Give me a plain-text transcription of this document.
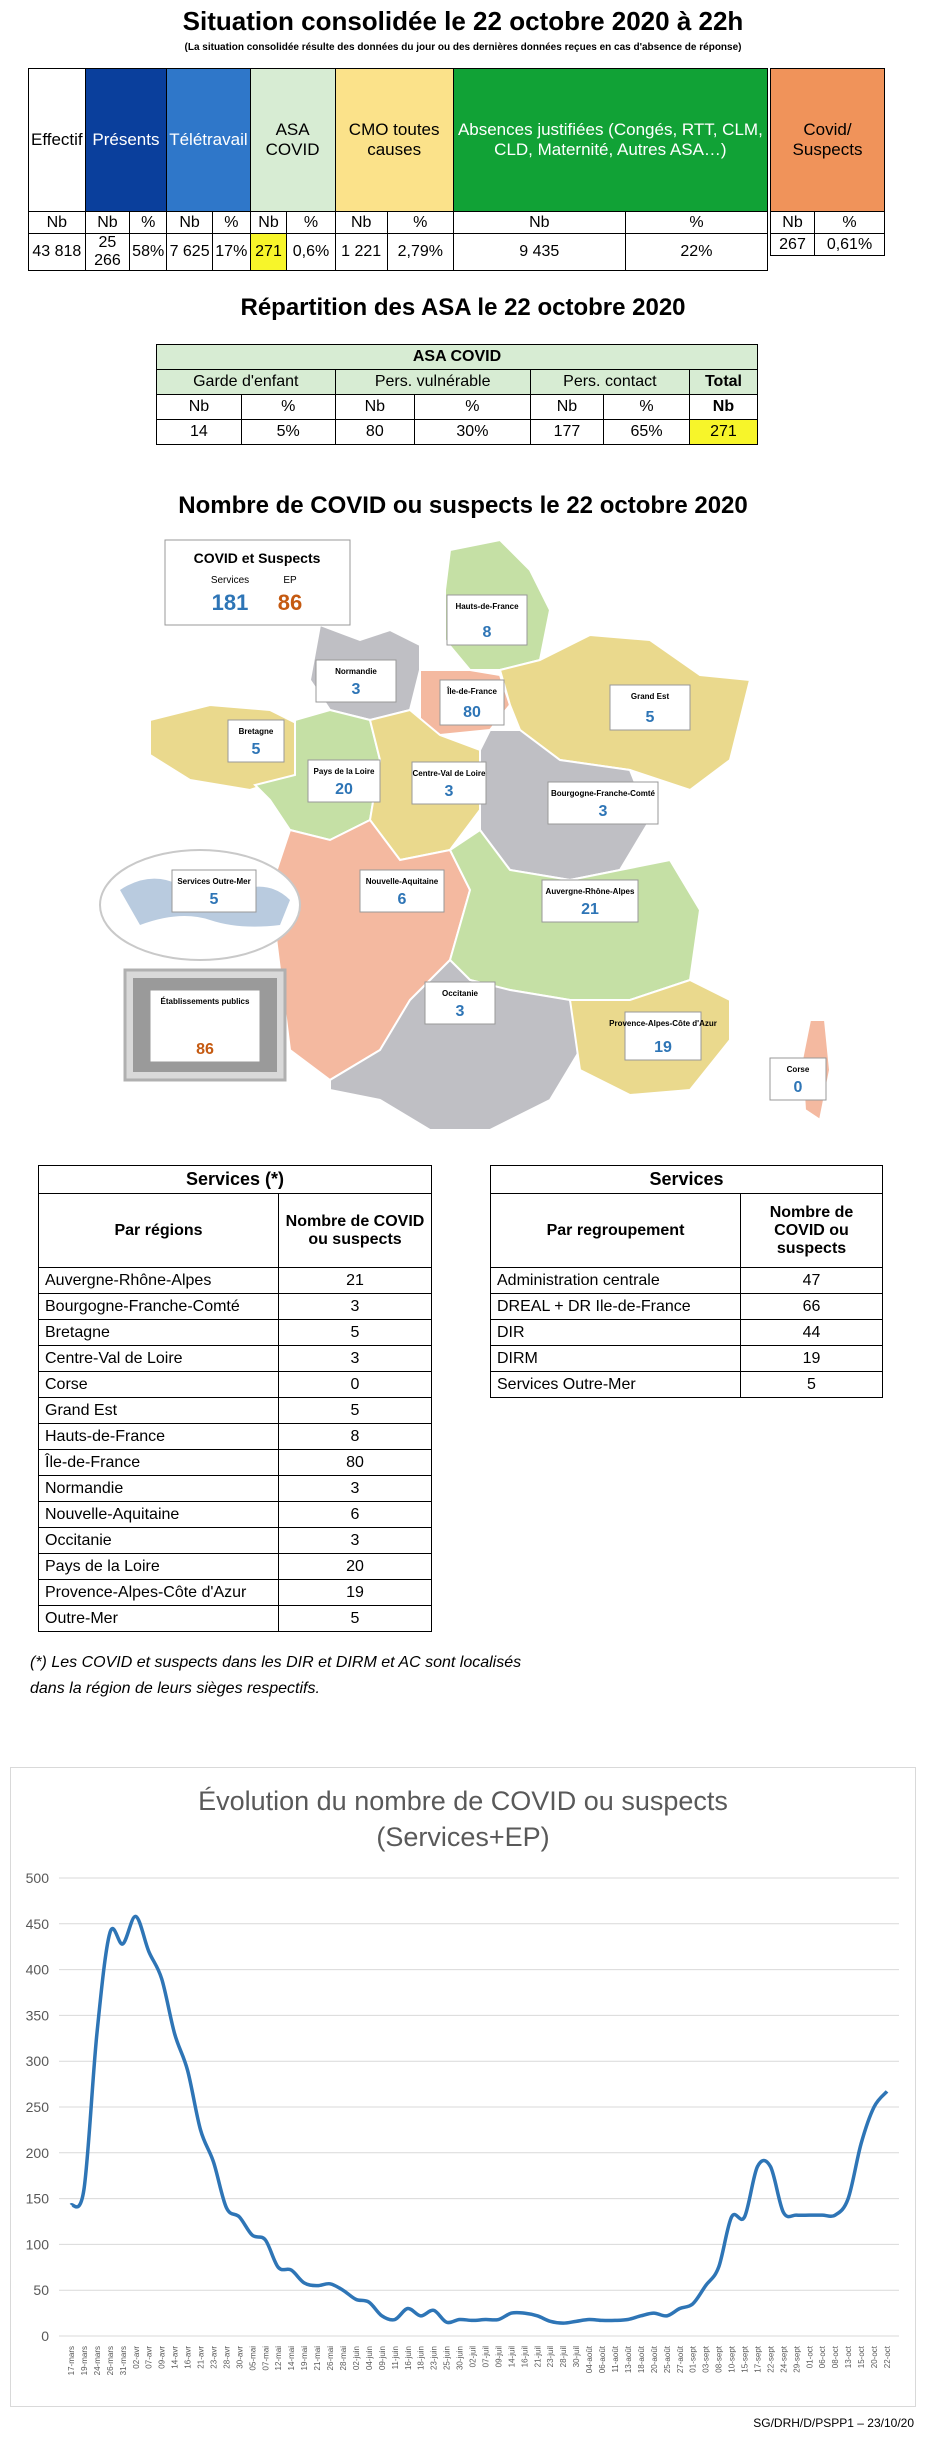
Situation consolidée le 22 octobre 2020 à 22h
(La situation consolidée résulte des données du jour ou des dernières données reçues en cas d'absence de réponse)
Effectif	Présents		Télétravail		ASA COVID		CMO toutes causes		Absences justifiées (Congés, RTT, CLM, CLD, Maternité, Autres ASA…)	
Nb	Nb	%	Nb	%	Nb	%	Nb	%	Nb	%
43 818	25 266	58%	7 625	17%	271	0,6%	1 221	2,79%	9 435	22%
Covid/ Suspects	
Nb	%
267	0,61%
Répartition des ASA le 22 octobre 2020
ASA COVID						
Garde d'enfant		Pers. vulnérable		Pers. contact		Total
Nb	%	Nb	%	Nb	%	Nb
14	5%	80	30%	177	65%	271
Nombre de COVID ou suspects le 22 octobre 2020
COVID et Suspects
Services	EP
181 86	Hauts-de-France
8
Normandie
3	Île-de-France
80
Grand Est
5
Bretagne
5
Pays de la Loire
20
Centre-Val de Loire
3	Bourgogne-Franche-Comté
3
Services Outre-Mer
5
Nouvelle-Aquitaine
6	Auvergne-Rhône-Alpes
21
Établissements publics
86
Occitanie
3
Provence-Alpes-Côte d'Azur
19
Corse
0
Services (*)	
Par régions	Nombre de COVID ou suspects
Auvergne-Rhône-Alpes	21
Bourgogne-Franche-Comté	3
Bretagne	5
Centre-Val de Loire	3
Corse	0
Grand Est	5
Hauts-de-France	8
Île-de-France	80
Normandie	3
Nouvelle-Aquitaine	6
Occitanie	3
Pays de la Loire	20
Provence-Alpes-Côte d'Azur	19
Outre-Mer	5
Services	
Par regroupement	Nombre de COVID ou suspects
Administration centrale	47
DREAL + DR Ile-de-France	66
DIR	44
DIRM	19
Services Outre-Mer	5
(*) Les COVID et suspects dans les DIR et DIRM et AC sont localisés dans la région de leurs sièges respectifs.
Évolution du nombre de COVID ou suspects (Services+EP)
0
50
100
150
200
250
300
350
400
450
500
17-mars 19-mars 24-mars 26-mars 31-mars 02-avr 07-avr 09-avr 14-avr 16-avr 21-avr 23-avr 28-avr 30-avr 05-mai 07-mai 12-mai 14-mai 19-mai 21-mai 26-mai 28-mai 02-juin 04-juin 09-juin 11-juin 16-juin 18-juin 23-juin 25-juin 30-juin 02-juil 07-juil 09-juil 14-juil 16-juil 21-juil 23-juil 28-juil 30-juil 04-août 06-août 11-août 13-août 18-août 20-août 25-août 27-août 01-sept 03-sept 08-sept 10-sept 15-sept 17-sept 22-sept 24-sept 29-sept 01-oct 06-oct 08-oct 13-oct 15-oct 20-oct 22-oct
SG/DRH/D/PSPP1 – 23/10/20
